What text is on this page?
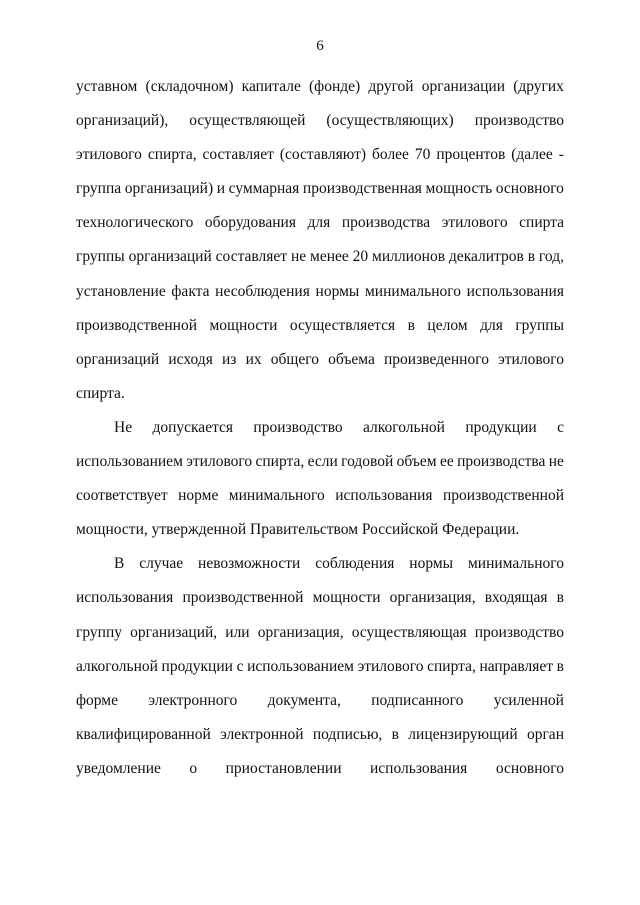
6
уставном (складочном) капитале (фонде) другой организации (других
организаций), осуществляющей (осуществляющих) производство
этилового спирта, составляет (составляют) более 70 процентов (далее -
группа организаций) и суммарная производственная мощность основного
технологического оборудования для производства этилового спирта
группы организаций составляет не менее 20 миллионов декалитров в год,
установление факта несоблюдения нормы минимального использования
производственной мощности осуществляется в целом для группы
организаций исходя из их общего объема произведенного этилового
спирта.
Не допускается производство алкогольной продукции с
использованием этилового спирта, если годовой объем ее производства не
соответствует норме минимального использования производственной
мощности, утвержденной Правительством Российской Федерации.
В случае невозможности соблюдения нормы минимального
использования производственной мощности организация, входящая в
группу организаций, или организация, осуществляющая производство
алкогольной продукции с использованием этилового спирта, направляет в
форме электронного документа, подписанного усиленной
квалифицированной электронной подписью, в лицензирующий орган
уведомление о приостановлении использования основного
